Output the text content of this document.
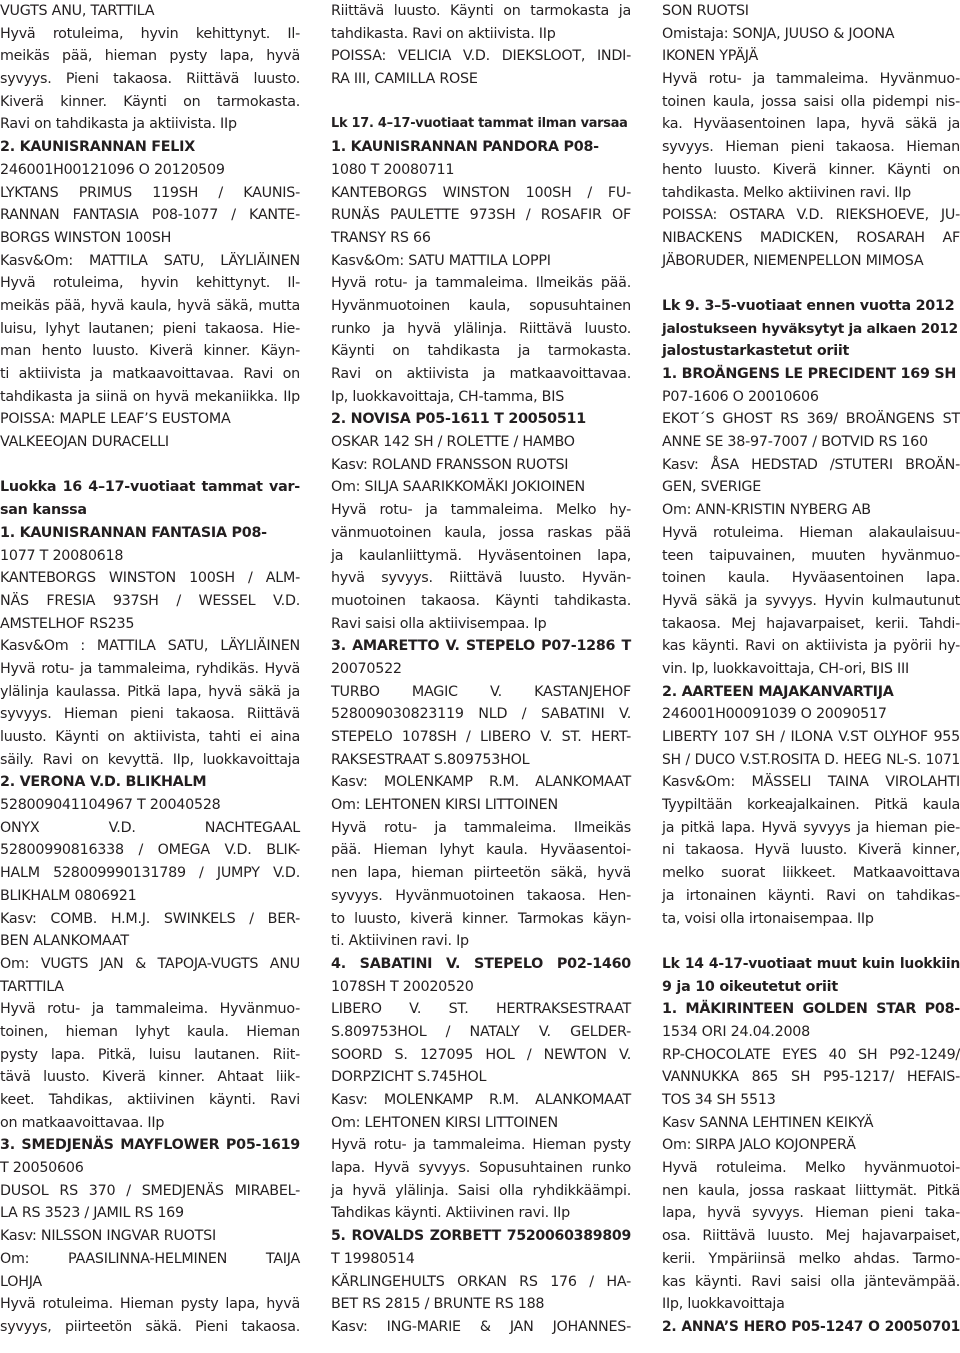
VUGTS ANU, TARTTILA
Hyvä rotuleima, hyvin kehittynyt. Il-
meikäs pää, hieman pysty lapa, hyvä
syvyys. Pieni takaosa. Riittävä luusto.
Kiverä kinner. Käynti on tarmokasta.
Ravi on tahdikasta ja aktiivista. IIp
2. KAUNISRANNAN FELIX
246001H00121096 O 20120509
LYKTANS PRIMUS 119SH / KAUNIS-
RANNAN FANTASIA P08-1077 / KANTE-
BORGS WINSTON 100SH
Kasv&Om: MATTILA SATU, LÄYLIÄINEN
Hyvä rotuleima, hyvin kehittynyt. Il-
meikäs pää, hyvä kaula, hyvä säkä, mutta
luisu, lyhyt lautanen; pieni takaosa. Hie-
man hento luusto. Kiverä kinner. Käyn-
ti aktiivista ja matkaavoittavaa. Ravi on
tahdikasta ja siinä on hyvä mekaniikka. IIp
POISSA: MAPLE LEAF’S EUSTOMA
VALKEEOJAN DURACELLI

Luokka 16 4–17-vuotiaat tammat var-
san kanssa
1. KAUNISRANNAN FANTASIA P08-
1077 T 20080618
KANTEBORGS WINSTON 100SH / ALM-
NÄS FRESIA 937SH / WESSEL V.D.
AMSTELHOF RS235
Kasv&Om : MATTILA SATU, LÄYLIÄINEN
Hyvä rotu- ja tammaleima, ryhdikäs. Hyvä
ylälinja kaulassa. Pitkä lapa, hyvä säkä ja
syvyys. Hieman pieni takaosa. Riittävä
luusto. Käynti on aktiivista, tahti ei aina
säily. Ravi on kevyttä. IIp, luokkavoittaja
2. VERONA V.D. BLIKHALM
528009041104967 T 20040528
ONYX V.D. NACHTEGAAL
52800990816338 / OMEGA V.D. BLIK-
HALM 528009990131789 / JUMPY V.D.
BLIKHALM 0806921
Kasv: COMB. H.M.J. SWINKELS / BER-
BEN ALANKOMAAT
Om: VUGTS JAN & TAPOJA-VUGTS ANU
TARTTILA
Hyvä rotu- ja tammaleima. Hyvänmuo-
toinen, hieman lyhyt kaula. Hieman
pysty lapa. Pitkä, luisu lautanen. Riit-
tävä luusto. Kiverä kinner. Ahtaat liik-
keet. Tahdikas, aktiivinen käynti. Ravi
on matkaavoittavaa. IIp
3. SMEDJENÄS MAYFLOWER P05-1619
T 20050606
DUSOL RS 370 / SMEDJENÄS MIRABEL-
LA RS 3523 / JAMIL RS 169
Kasv: NILSSON INGVAR RUOTSI
Om: PAASILINNA-HELMINEN TAIJA
LOHJA
Hyvä rotuleima. Hieman pysty lapa, hyvä
syvyys, piirteetön säkä. Pieni takaosa.
Riittävä luusto. Käynti on tarmokasta ja
tahdikasta. Ravi on aktiivista. IIp
POISSA: VELICIA V.D. DIEKSLOOT, INDI-
RA III, CAMILLA ROSE

Lk 17. 4–17-vuotiaat tammat ilman varsaa
1. KAUNISRANNAN PANDORA P08-
1080 T 20080711
KANTEBORGS WINSTON 100SH / FU-
RUNÄS PAULETTE 973SH / ROSAFIR OF
TRANSY RS 66
Kasv&Om: SATU MATTILA LOPPI
Hyvä rotu- ja tammaleima. Ilmeikäs pää.
Hyvänmuotoinen kaula, sopusuhtainen
runko ja hyvä ylälinja. Riittävä luusto.
Käynti on tahdikasta ja tarmokasta.
Ravi on aktiivista ja matkaavoittavaa.
Ip, luokkavoittaja, CH-tamma, BIS
2. NOVISA P05-1611 T 20050511
OSKAR 142 SH / ROLETTE / HAMBO
Kasv: ROLAND FRANSSON RUOTSI
Om: SILJA SAARIKKOMÄKI JOKIOINEN
Hyvä rotu- ja tammaleima. Melko hy-
vänmuotoinen kaula, jossa raskas pää
ja kaulanliittymä. Hyväsentoinen lapa,
hyvä syvyys. Riittävä luusto. Hyvän-
muotoinen takaosa. Käynti tahdikasta.
Ravi saisi olla aktiivisempaa. Ip
3. AMARETTO V. STEPELO P07-1286 T
20070522
TURBO MAGIC V. KASTANJEHOF
528009030823119 NLD / SABATINI V.
STEPELO 1078SH / LIBERO V. ST. HERT-
RAKSESTRAAT S.809753HOL
Kasv: MOLENKAMP R.M. ALANKOMAAT
Om: LEHTONEN KIRSI LITTOINEN
Hyvä rotu- ja tammaleima. Ilmeikäs
pää. Hieman lyhyt kaula. Hyväasentoi-
nen lapa, hieman piirteetön säkä, hyvä
syvyys. Hyvänmuotoinen takaosa. Hen-
to luusto, kiverä kinner. Tarmokas käyn-
ti. Aktiivinen ravi. Ip
4. SABATINI V. STEPELO P02-1460
1078SH T 20020520
LIBERO V. ST. HERTRAKSESTRAAT
S.809753HOL / NATALY V. GELDER-
SOORD S. 127095 HOL / NEWTON V.
DORPZICHT S.745HOL
Kasv: MOLENKAMP R.M. ALANKOMAAT
Om: LEHTONEN KIRSI LITTOINEN
Hyvä rotu- ja tammaleima. Hieman pysty
lapa. Hyvä syvyys. Sopusuhtainen runko
ja hyvä ylälinja. Saisi olla ryhdikkäämpi.
Tahdikas käynti. Aktiivinen ravi. IIp
5. ROVALDS ZORBETT 752006038980​9
T 19980514
KÄRLINGEHULTS ORKAN RS 176 / HA-
BET RS 2815 / BRUNTE RS 188
Kasv: ING-MARIE & JAN JOHANNES-
SON RUOTSI
Omistaja: SONJA, JUUSO & JOONA
IKONEN YPÄJÄ
Hyvä rotu- ja tammaleima. Hyvänmuo-
toinen kaula, jossa saisi olla pidempi nis-
ka. Hyväasentoinen lapa, hyvä säkä ja
syvyys. Hieman pieni takaosa. Hieman
hento luusto. Kiverä kinner. Käynti on
tahdikasta. Melko aktiivinen ravi. IIp
POISSA: OSTARA V.D. RIEKSHOEVE, JU-
NIBACKENS MADICKEN, ROSARAH AF
JÄBORUDER, NIEMENPELLON MIMOSA

Lk 9. 3–5-vuotiaat ennen vuotta 2012
jalostukseen hyväksytyt ja alkaen 2012
jalostustarkastetut oriit
1. BROÄNGENS LE PRECIDENT 169 SH
P07-1606 O 20010606
EKOT´S GHOST RS 369/ BROÄNGENS ST
ANNE SE 38-97-7007 / BOTVID RS 160
Kasv: ÅSA HEDSTAD /STUTERI BROÄN-
GEN, SVERIGE
Om: ANN-KRISTIN NYBERG AB
Hyvä rotuleima. Hieman alakaulaisuu-
teen taipuvainen, muuten hyvänmuo-
toinen kaula. Hyväasentoinen lapa.
Hyvä säkä ja syvyys. Hyvin kulmautunut
takaosa. Mej hajavarpaiset, kerii. Tahdi-
kas käynti. Ravi on aktiivista ja pyörii hy-
vin. Ip, luokkavoittaja, CH-ori, BIS III
2. AARTEEN MAJAKANVARTIJA
246001H00091039 O 20090517
LIBERTY 107 SH / ILONA V.ST OLYHOF 955
SH / DUCO V.ST.ROSITA D. HEEG NL-S. 1071
Kasv&Om: MÄSSELI TAINA VIROLAHTI
Tyypiltään korkeajalkainen. Pitkä kaula
ja pitkä lapa. Hyvä syvyys ja hieman pie-
ni takaosa. Hyvä luusto. Kiverä kinner,
melko suorat liikkeet. Matkaavoittava
ja irtonainen käynti. Ravi on tahdikas-
ta, voisi olla irtonaisempaa. IIp

Lk 14 4-17-vuotiaat muut kuin luokkiin
9 ja 10 oikeutetut oriit
1. MÄKIRINTEEN GOLDEN STAR P08-
1534 ORI 24.04.2008
RP-CHOCOLATE EYES 40 SH P92-1249/
VANNUKKA 865 SH P95-1217/ HEFAIS-
TOS 34 SH 5513
Kasv SANNA LEHTINEN KEIKYÄ
Om: SIRPA JALO KOJONPERÄ
Hyvä rotuleima. Melko hyvänmuotoi-
nen kaula, jossa raskaat liittymät. Pitkä
lapa, hyvä syvyys. Hieman pieni taka-
osa. Riittävä luusto. Mej hajavarpaiset,
kerii. Ympäriinsä melko ahdas. Tarmo-
kas käynti. Ravi saisi olla jäntevämpää.
IIp, luokkavoittaja
2. ANNA’S HERO P05-1247 O 20050701
